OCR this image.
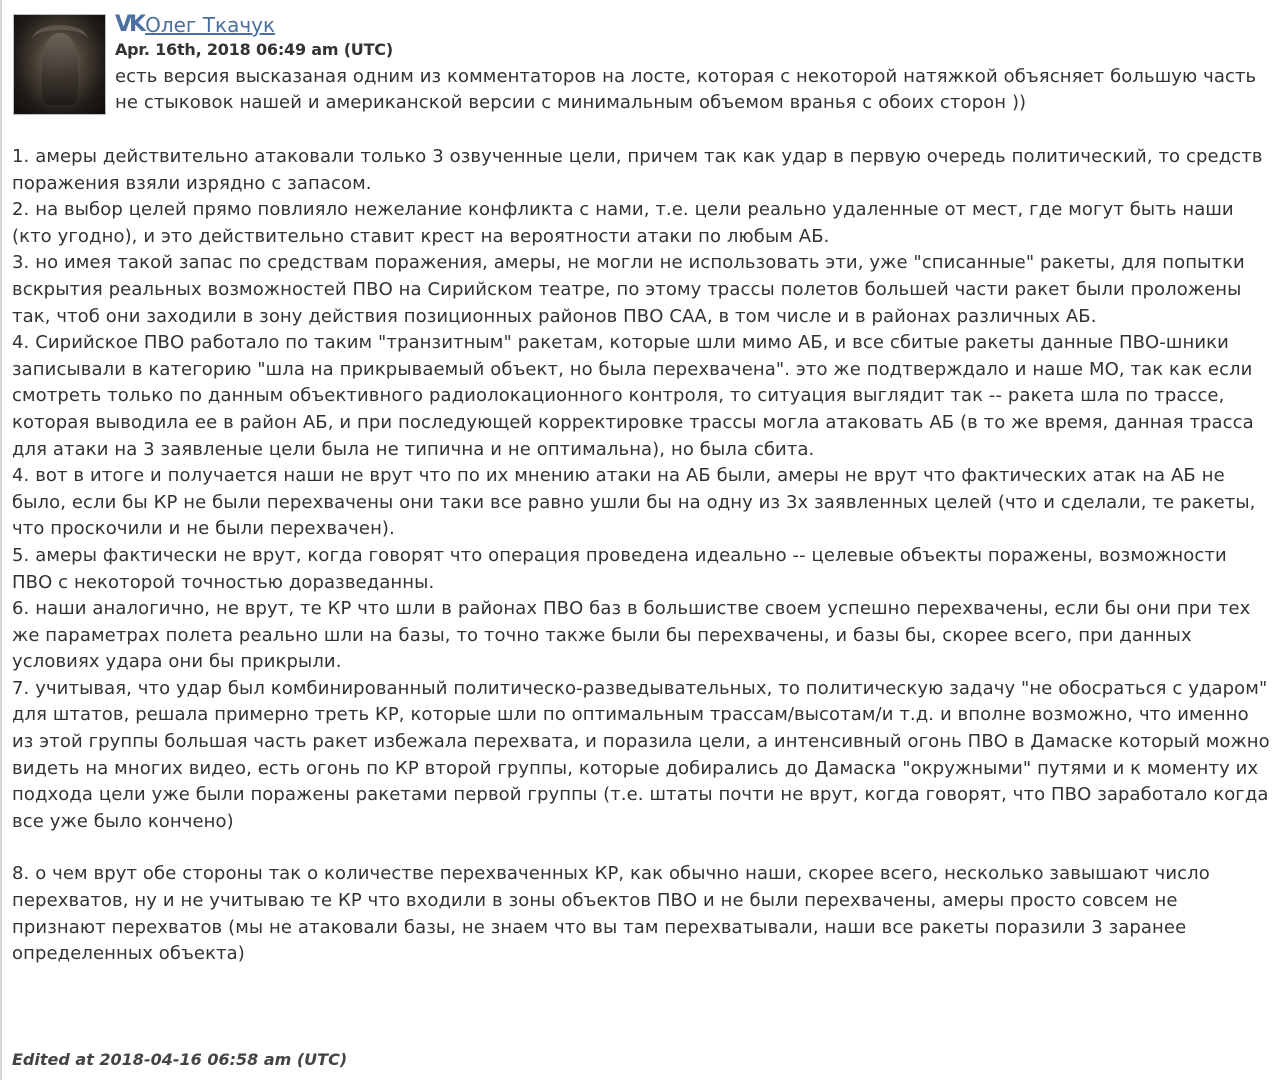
VK Олег Ткачук
Apr. 16th, 2018 06:49 am (UTC)
есть версия высказаная одним из комментаторов на лосте, которая с некоторой натяжкой объясняет большую часть не стыковок нашей и американской версии с минимальным объемом вранья с обоих сторон ))

1. амеры действительно атаковали только 3 озвученные цели, причем так как удар в первую очередь политический, то средств поражения взяли изрядно с запасом.

2. на выбор целей прямо повлияло нежелание конфликта с нами, т.е. цели реально удаленные от мест, где могут быть наши (кто угодно), и это действительно ставит крест на вероятности атаки по любым АБ.

3. но имея такой запас по средствам поражения, амеры, не могли не использовать эти, уже "списанные" ракеты, для попытки вскрытия реальных возможностей ПВО на Сирийском театре, по этому трассы полетов большей части ракет были проложены так, чтоб они заходили в зону действия позиционных районов ПВО САА, в том числе и в районах различных АБ.

4. Сирийское ПВО работало по таким "транзитным" ракетам, которые шли мимо АБ, и все сбитые ракеты данные ПВО-шники записывали в категорию "шла на прикрываемый объект, но была перехвачена". это же подтверждало и наше МО, так как если смотреть только по данным объективного радиолокационного контроля, то ситуация выглядит так -- ракета шла по трассе, которая выводила ее в район АБ, и при последующей корректировке трассы могла атаковать АБ (в то же время, данная трасса для атаки на 3 заявленые цели была не типична и не оптимальна), но была сбита.

4. вот в итоге и получается наши не врут что по их мнению атаки на АБ были, амеры не врут что фактических атак на АБ не было, если бы КР не были перехвачены они таки все равно ушли бы на одну из 3х заявленных целей (что и сделали, те ракеты, что проскочили и не были перехвачен).

5. амеры фактически не врут, когда говорят что операция проведена идеально -- целевые объекты поражены, возможности ПВО с некоторой точностью доразведанны.

6. наши аналогично, не врут, те КР что шли в районах ПВО баз в большистве своем успешно перехвачены, если бы они при тех же параметрах полета реально шли на базы, то точно также были бы перехвачены, и базы бы, скорее всего, при данных условиях удара они бы прикрыли.

7. учитывая, что удар был комбинированный политическо-разведывательных, то политическую задачу "не обосраться с ударом" для штатов, решала примерно треть КР, которые шли по оптимальным трассам/высотам/и т.д. и вполне возможно, что именно из этой группы большая часть ракет избежала перехвата, и поразила цели, а интенсивный огонь ПВО в Дамаске который можно видеть на многих видео, есть огонь по КР второй группы, которые добирались до Дамаска "окружными" путями и к моменту их подхода цели уже были поражены ракетами первой группы (т.е. штаты почти не врут, когда говорят, что ПВО заработало когда все уже было кончено)

8. о чем врут обе стороны так о количестве перехваченных КР, как обычно наши, скорее всего, несколько завышают число перехватов, ну и не учитываю те КР что входили в зоны объектов ПВО и не были перехвачены, амеры просто совсем не признают перехватов (мы не атаковали базы, не знаем что вы там перехватывали, наши все ракеты поразили 3 заранее определенных объекта)

Edited at 2018-04-16 06:58 am (UTC)
